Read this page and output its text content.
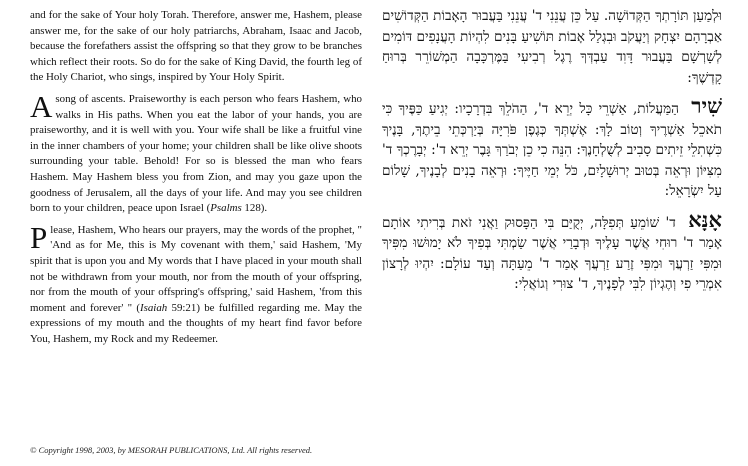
and for the sake of Your holy Torah. Therefore, answer me, Hashem, please answer me, for the sake of our holy patriarchs, Abraham, Isaac and Jacob, because the forefathers assist the offspring so that they grow to be branches which reflect their roots. So do for the sake of King David, the fourth leg of the Holy Chariot, who sings, inspired by Your Holy Spirit.

A song of ascents. Praiseworthy is each person who fears Hashem, who walks in His paths. When you eat the labor of your hands, you are praiseworthy, and it is well with you. Your wife shall be like a fruitful vine in the inner chambers of your home; your children shall be like olive shoots surrounding your table. Behold! For so is blessed the man who fears Hashem. May Hashem bless you from Zion, and may you gaze upon the goodness of Jerusalem, all the days of your life. And may you see children born to your children, peace upon Israel (Psalms 128).

Please, Hashem, Who hears our prayers, may the words of the prophet, " 'And as for Me, this is My covenant with them,' said Hashem, 'My spirit that is upon you and My words that I have placed in your mouth shall not be withdrawn from your mouth, nor from the mouth of your offspring, nor from the mouth of your offspring's offspring,' said Hashem, 'from this moment and forever' " (Isaiah 59:21) be fulfilled regarding me. May the expressions of my mouth and the thoughts of my heart find favor before You, Hashem, my Rock and my Redeemer.

וּלְמַעַן תּוֹרָתְךָ הַקְּדוֹשָׁה. עַל כֵּן עֲנֵנִי ד' עֲנֵנִי בַּעֲבוּר הָאָבוֹת הַקְּדוֹשִׁים אַבְרָהָם יִצְחָק וְיַעֲקֹב וּבִגְלַל אָבוֹת תּוֹשִׁיעַ בָּנִים לִהְיוֹת הָעֲנָפִים דּוֹמִים לְשָׁרְשָׁם בַּעֲבוּר דָּוִד עַבְדְּךָ רֶגֶל רְבִיעִי בַּמֶּרְכָּבָה הַמְשׁוֹרֵר בְּרוּחַ קָדְשֶׁךָ:

שִׁיר הַמַּעֲלוֹת, אַשְׁרֵי כָּל יְרֵא ד', הַהֹלֵךְ בִּדְרָכָיו: יְגִיעַ כַּפֶּיךָ כִּי תֹאכֵל אַשְׁרֶיךָ וְטוֹב לָךְ: אֶשְׁתְּךָ כְּגֶפֶן פֹּרִיָּה בְּיַרְכְּתֵי בֵיתֶךָ, בָּנֶיךָ כִּשְׁתִלֵי זֵיתִים סָבִיב לְשֻׁלְחָנֶךָ: הִנֵּה כִי כֵן יְבֹרַךְ גָּבֶר יְרֵא ד': יְבָרֶכְךָ ד' מִצִּיּוֹן וּרְאֵה בְּטוּב יְרוּשָׁלָיִם, כֹּל יְמֵי חַיֶּיךָ: וּרְאֵה בָנִים לְבָנֶיךָ, שָׁלוֹם עַל יִשְׂרָאֵל:

אָנָּא ד' שׁוֹמֵעַ תְּפִלָּה, יְקֻיַּם בִּי הַפָּסוּק וַאֲנִי זֹאת בְּרִיתִי אוֹתָם אָמַר ד' רוּחִי אֲשֶׁר עָלֶיךָ וּדְבָרַי אֲשֶׁר שַׂמְתִּי בְּפִיךָ לֹא יָמוּשׁוּ מִפִּיךָ וּמִפִּי זַרְעֲךָ וּמִפִּי זֶרַע זַרְעֲךָ אָמַר ד' מֵעַתָּה וְעַד עוֹלָם: יִהְיוּ לְרָצוֹן אִמְרֵי פִי וְהֶגְיוֹן לִבִּי לְפָנֶיךָ, ד' צוּרִי וְגוֹאֲלִי:

© Copyright 1998, 2003, by MESORAH PUBLICATIONS, Ltd. All rights reserved.
